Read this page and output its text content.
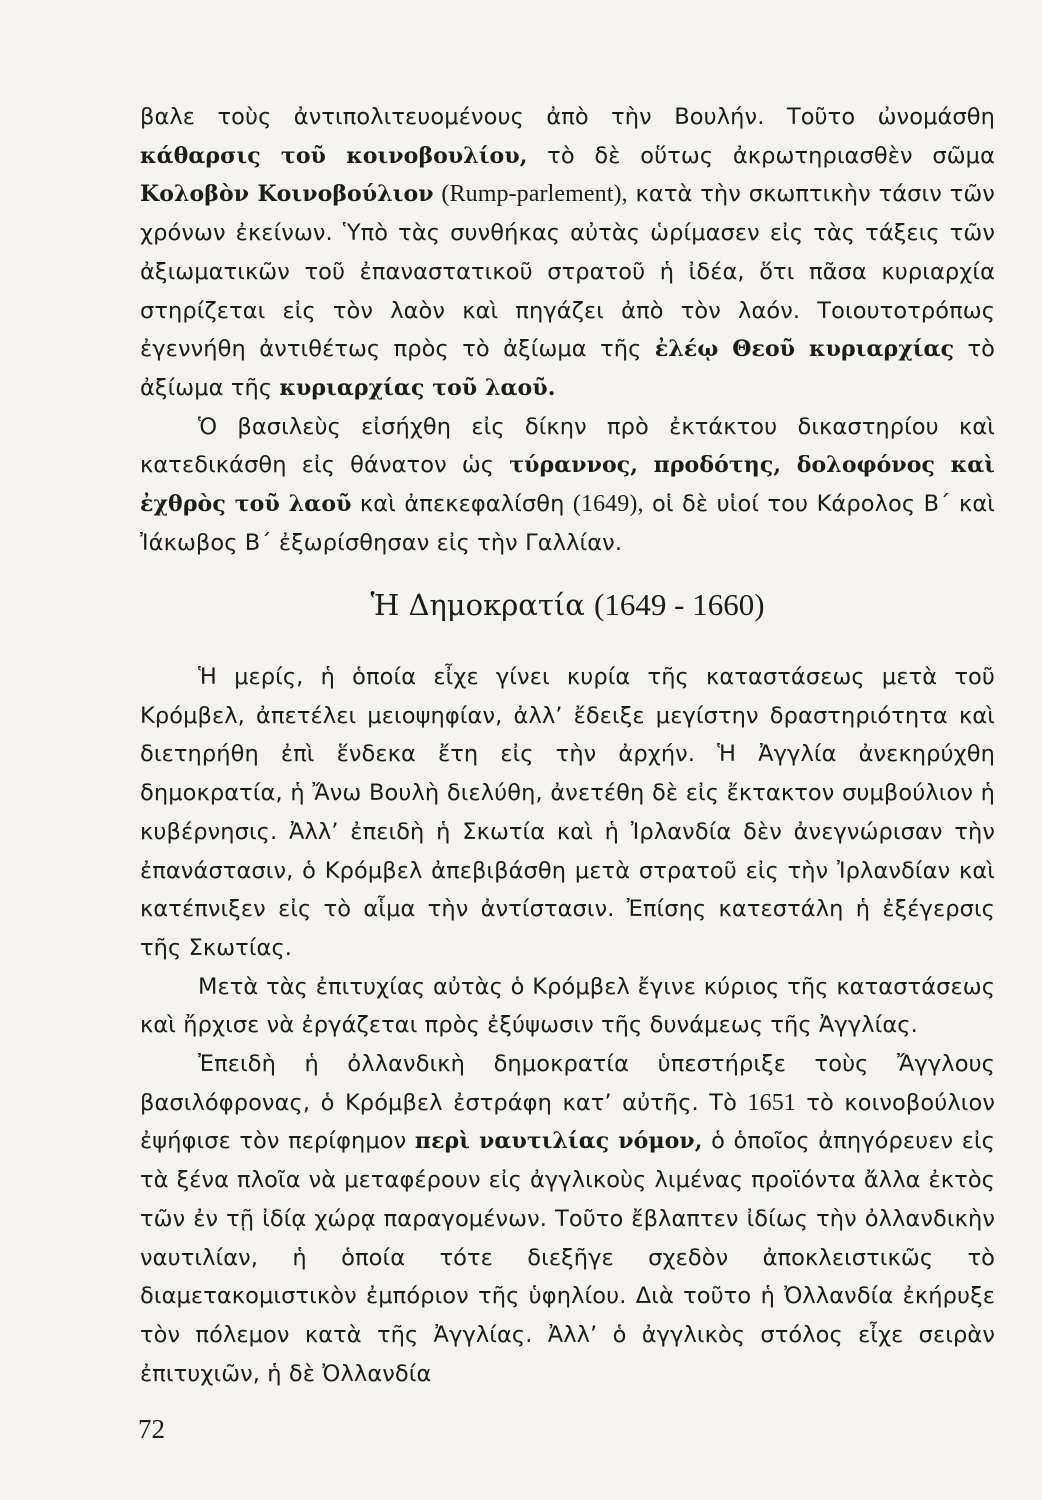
βαλε τοὺς ἀντιπολιτευομένους ἀπὸ τὴν Βουλήν. Τοῦτο ὠνομάσθη κάθαρσις τοῦ κοινοβουλίου, τὸ δὲ οὕτως ἀκρωτηριασθὲν σῶμα Κολοβὸν Κοινοβούλιον (Rump-parlement), κατὰ τὴν σκωπτικὴν τάσιν τῶν χρόνων ἐκείνων. Ὑπὸ τὰς συνθήκας αὐτὰς ὡρίμασεν εἰς τὰς τάξεις τῶν ἀξιωματικῶν τοῦ ἐπαναστατικοῦ στρατοῦ ἡ ἰδέα, ὅτι πᾶσα κυριαρχία στηρίζεται εἰς τὸν λαὸν καὶ πηγάζει ἀπὸ τὸν λαόν. Τοιουτοτρόπως ἐγεννήθη ἀντιθέτως πρὸς τὸ ἀξίωμα τῆς ἐλέῳ Θεοῦ κυριαρχίας τὸ ἀξίωμα τῆς κυριαρχίας τοῦ λαοῦ.

Ὁ βασιλεὺς εἰσήχθη εἰς δίκην πρὸ ἐκτάκτου δικαστηρίου καὶ κατεδικάσθη εἰς θάνατον ὡς τύραννος, προδότης, δολοφόνος καὶ ἐχθρὸς τοῦ λαοῦ καὶ ἀπεκεφαλίσθη (1649), οἱ δὲ υἱοί του Κάρολος Β΄ καὶ Ἰάκωβος Β΄ ἐξωρίσθησαν εἰς τὴν Γαλλίαν.

Ἡ Δημοκρατία (1649 - 1660)

Ἡ μερίς, ἡ ὁποία εἶχε γίνει κυρία τῆς καταστάσεως μετὰ τοῦ Κρόμβελ, ἀπετέλει μειοψηφίαν, ἀλλ’ ἔδειξε μεγίστην δραστηριότητα καὶ διετηρήθη ἐπὶ ἕνδεκα ἔτη εἰς τὴν ἀρχήν. Ἡ Ἀγγλία ἀνεκηρύχθη δημοκρατία, ἡ Ἄνω Βουλὴ διελύθη, ἀνετέθη δὲ εἰς ἔκτακτον συμβούλιον ἡ κυβέρνησις. Ἀλλ’ ἐπειδὴ ἡ Σκωτία καὶ ἡ Ἰρλανδία δὲν ἀνεγνώρισαν τὴν ἐπανάστασιν, ὁ Κρόμβελ ἀπεβιβάσθη μετὰ στρατοῦ εἰς τὴν Ἰρλανδίαν καὶ κατέπνιξεν εἰς τὸ αἷμα τὴν ἀντίστασιν. Ἐπίσης κατεστάλη ἡ ἐξέγερσις τῆς Σκωτίας.

Μετὰ τὰς ἐπιτυχίας αὐτὰς ὁ Κρόμβελ ἔγινε κύριος τῆς καταστάσεως καὶ ἤρχισε νὰ ἐργάζεται πρὸς ἐξύψωσιν τῆς δυνάμεως τῆς Ἀγγλίας.

Ἐπειδὴ ἡ ὀλλανδικὴ δημοκρατία ὑπεστήριξε τοὺς Ἄγγλους βασιλόφρονας, ὁ Κρόμβελ ἐστράφη κατ’ αὐτῆς. Τὸ 1651 τὸ κοινοβούλιον ἐψήφισε τὸν περίφημον περὶ ναυτιλίας νόμον, ὁ ὁποῖος ἀπηγόρευεν εἰς τὰ ξένα πλοῖα νὰ μεταφέρουν εἰς ἀγγλικοὺς λιμένας προϊόντα ἄλλα ἐκτὸς τῶν ἐν τῇ ἰδίᾳ χώρᾳ παραγομένων. Τοῦτο ἔβλαπτεν ἰδίως τὴν ὀλλανδικὴν ναυτιλίαν, ἡ ὁποία τότε διεξῆγε σχεδὸν ἀποκλειστικῶς τὸ διαμετακομιστικὸν ἐμπόριον τῆς ὑφηλίου. Διὰ τοῦτο ἡ Ὀλλανδία ἐκήρυξε τὸν πόλεμον κατὰ τῆς Ἀγγλίας. Ἀλλ’ ὁ ἀγγλικὸς στόλος εἶχε σειρὰν ἐπιτυχιῶν, ἡ δὲ Ὀλλανδία

72
